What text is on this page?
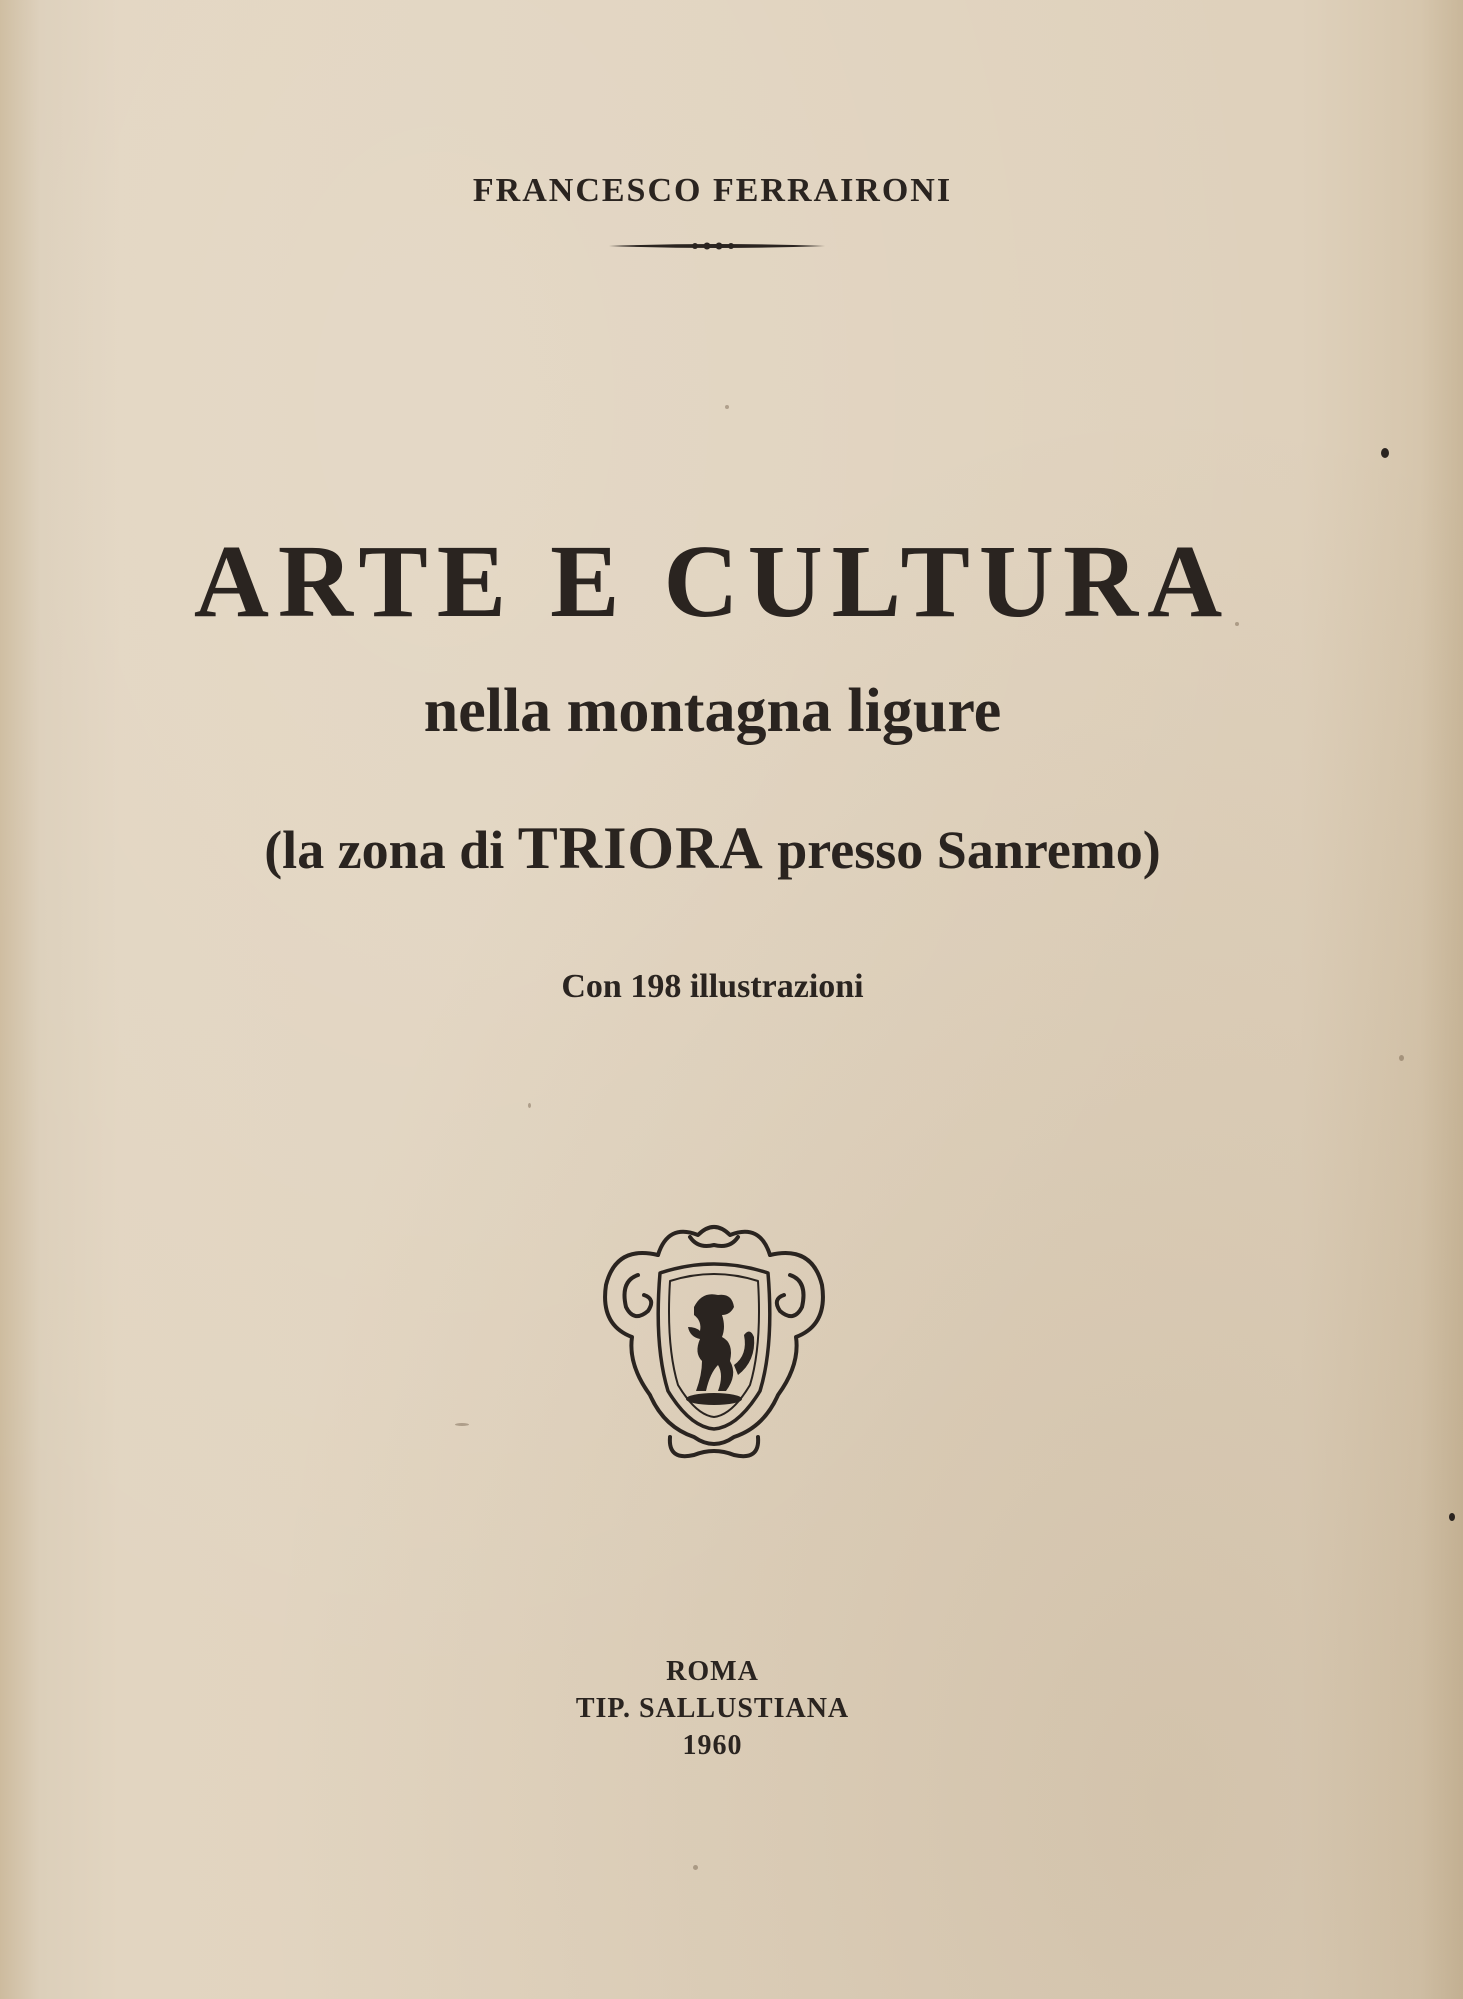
FRANCESCO FERRAIRONI
ARTE E CULTURA
nella montagna ligure
(la zona di TRIORA presso Sanremo)
Con 198 illustrazioni
ROMA
TIP. SALLUSTIANA
1960
